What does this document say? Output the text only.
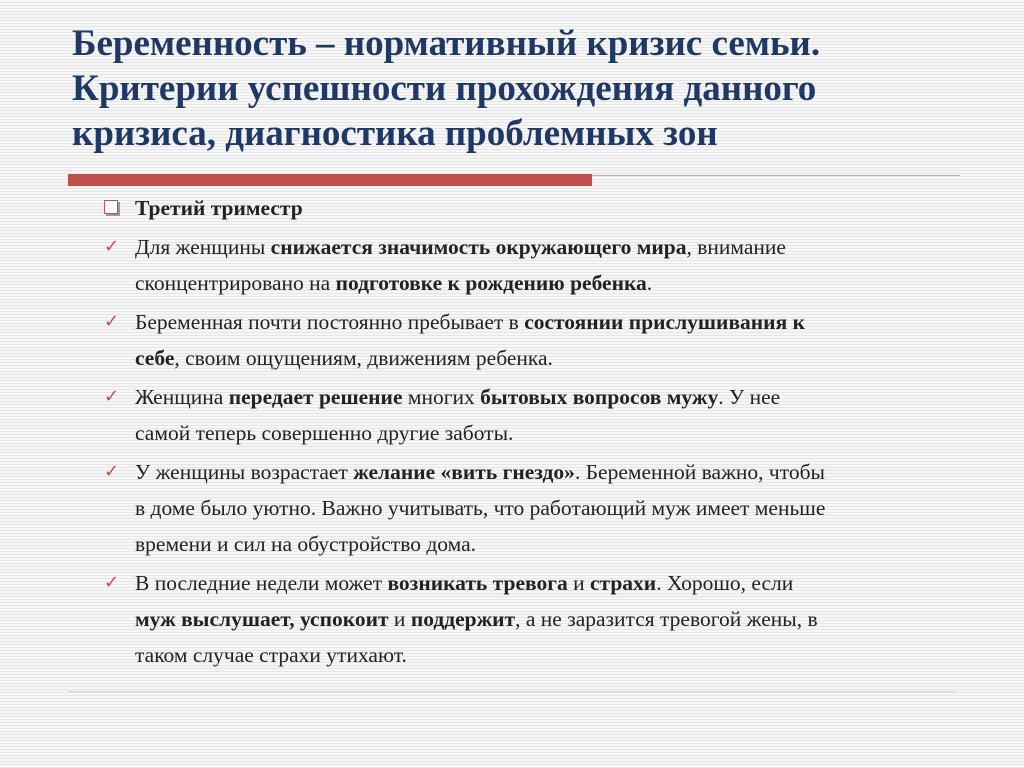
Беременность – нормативный кризис семьи.
Критерии успешности прохождения данного
кризиса, диагностика проблемных зон
Третий триместр
✓ Для женщины снижается значимость окружающего мира, внимание
сконцентрировано на подготовке к рождению ребенка.
✓ Беременная почти постоянно пребывает в состоянии прислушивания к
себе, своим ощущениям, движениям ребенка.
✓ Женщина передает решение многих бытовых вопросов мужу. У нее
самой теперь совершенно другие заботы.
✓ У женщины возрастает желание «вить гнездо». Беременной важно, чтобы
в доме было уютно. Важно учитывать, что работающий муж имеет меньше
времени и сил на обустройство дома.
✓ В последние недели может возникать тревога и страхи. Хорошо, если
муж выслушает, успокоит и поддержит, а не заразится тревогой жены, в
таком случае страхи утихают.
